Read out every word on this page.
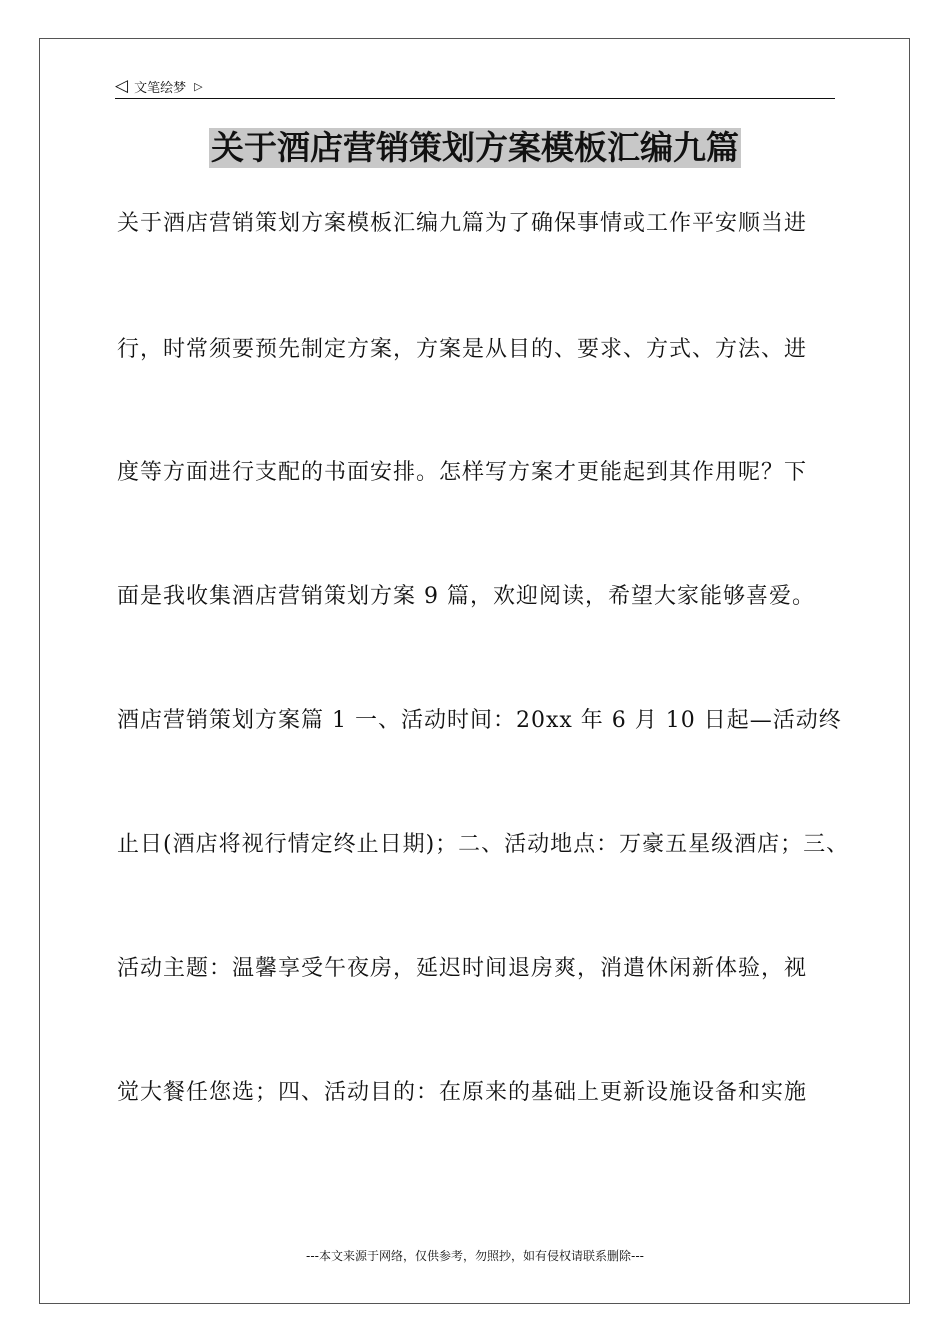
◁ 文笔绘梦 ▷
关于酒店营销策划方案模板汇编九篇
关于酒店营销策划方案模板汇编九篇为了确保事情或工作平安顺当进
行，时常须要预先制定方案，方案是从目的、要求、方式、方法、进
度等方面进行支配的书面安排。怎样写方案才更能起到其作用呢？下
面是我收集酒店营销策划方案 9 篇，欢迎阅读，希望大家能够喜爱。
酒店营销策划方案篇 1 一、活动时间：20xx 年 6 月 10 日起—活动终
止日(酒店将视行情定终止日期)；二、活动地点：万豪五星级酒店；三、
活动主题：温馨享受午夜房，延迟时间退房爽，消遣休闲新体验，视
觉大餐任您选；四、活动目的：在原来的基础上更新设施设备和实施
---本文来源于网络，仅供参考，勿照抄，如有侵权请联系删除---
